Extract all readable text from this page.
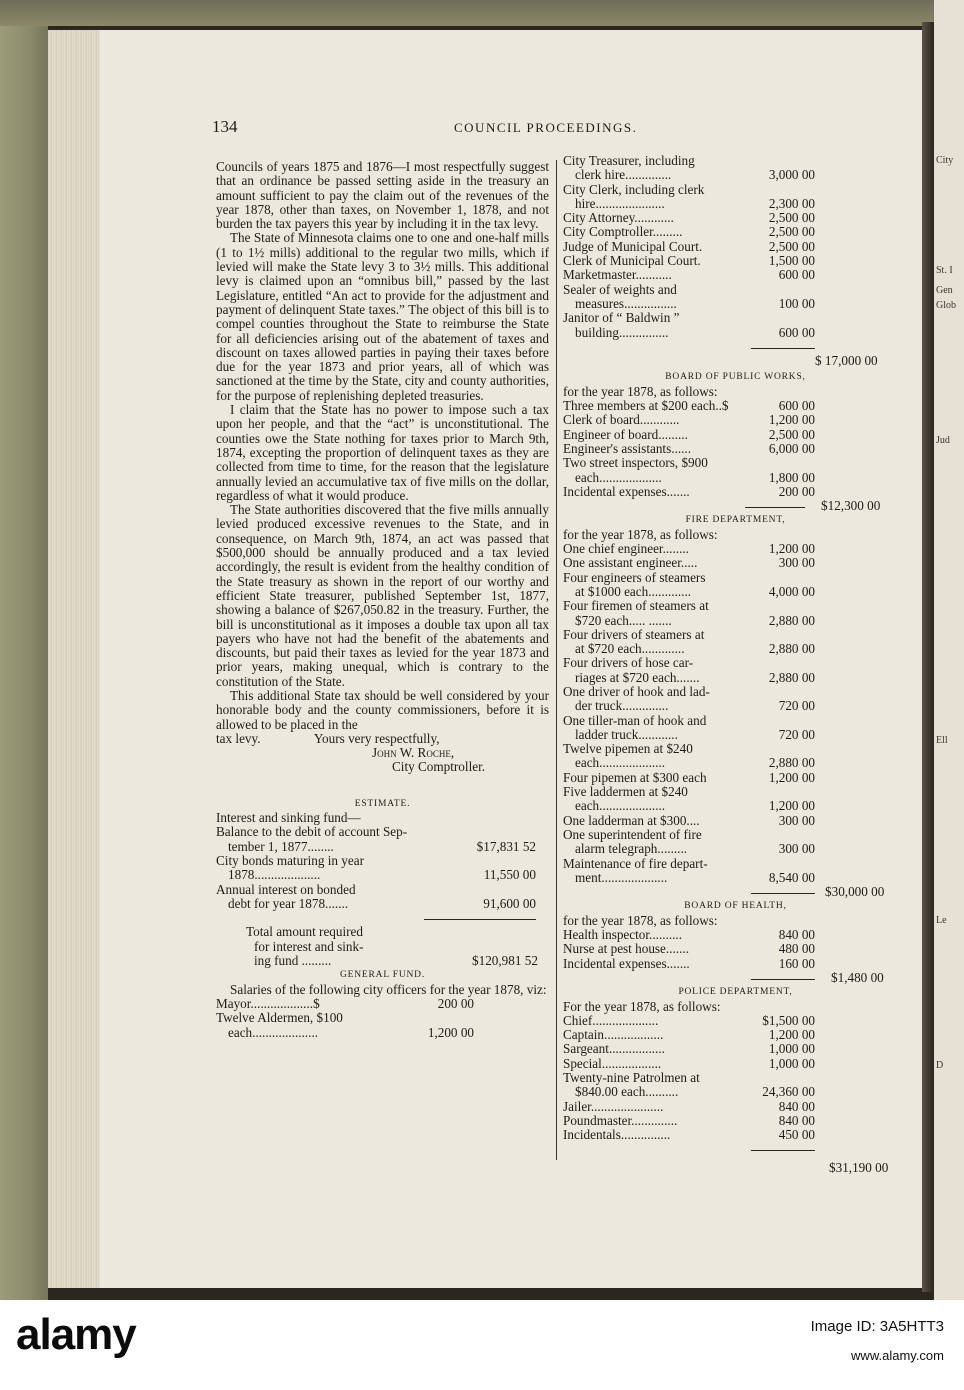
City
St. I
Gen
Glob
Jud
Ell
Le
D
134	COUNCIL PROCEEDINGS.

Councils of years 1875 and 1876—I most respectfully suggest that an ordinance be passed setting aside in the treasury an amount sufficient to pay the claim out of the revenues of the year 1878, other than taxes, on November 1, 1878, and not burden the tax payers this year by including it in the tax levy.

The State of Minnesota claims one to one and one-half mills (1 to 1½ mills) additional to the regular two mills, which if levied will make the State levy 3 to 3½ mills. This additional levy is claimed upon an “omnibus bill,” passed by the last Legislature, entitled “An act to provide for the adjustment and payment of delinquent State taxes.” The object of this bill is to compel counties throughout the State to reimburse the State for all deficiencies arising out of the abatement of taxes and discount on taxes allowed parties in paying their taxes before due for the year 1873 and prior years, all of which was sanctioned at the time by the State, city and county authorities, for the purpose of replenishing depleted treasuries.

I claim that the State has no power to impose such a tax upon her people, and that the “act” is unconstitutional. The counties owe the State nothing for taxes prior to March 9th, 1874, excepting the proportion of delinquent taxes as they are collected from time to time, for the reason that the legislature annually levied an accumulative tax of five mills on the dollar, regardless of what it would produce.

The State authorities discovered that the five mills annually levied produced excessive revenues to the State, and in consequence, on March 9th, 1874, an act was passed that $500,000 should be annually produced and a tax levied accordingly, the result is evident from the healthy condition of the State treasury as shown in the report of our worthy and efficient State treasurer, published September 1st, 1877, showing a balance of $267,050.82 in the treasury. Further, the bill is unconstitutional as it imposes a double tax upon all tax payers who have not had the benefit of the abatements and discounts, but paid their taxes as levied for the year 1873 and prior years, making unequal, which is contrary to the constitution of the State.

This additional State tax should be well considered by your honorable body and the county commissioners, before it is allowed to be placed in the

tax levy.	Yours very respectfully,

John W. Roche,

City Comptroller.

ESTIMATE.

Interest and sinking fund—
Balance to the debit of account Sep-
tember 1, 1877........	$17,831 52
City bonds maturing in year
1878....................	11,550 00
Annual interest on bonded
debt for year 1878.......	91,600 00
Total amount required
for interest and sink-
ing fund .........	$120,981 52

GENERAL FUND.

Salaries of the following city officers for the year 1878, viz:

Mayor...................$	200 00
Twelve Aldermen, $100
each....................	1,200 00
City Treasurer, including
clerk hire..............	3,000 00
City Clerk, including clerk
hire.....................	2,300 00
City Attorney............	2,500 00
City Comptroller.........	2,500 00
Judge of Municipal Court.	2,500 00
Clerk of Municipal Court.	1,500 00
Marketmaster...........	600 00
Sealer of weights and
measures................	100 00
Janitor of “ Baldwin ”
building...............	600 00
$ 17,000 00

BOARD OF PUBLIC WORKS,

for the year 1878, as follows:

Three members at $200 each..$	600 00
Clerk of board............	1,200 00
Engineer of board.........	2,500 00
Engineer's assistants......	6,000 00
Two street inspectors, $900
each...................	1,800 00
Incidental expenses.......	200 00
$12,300 00

FIRE DEPARTMENT,

for the year 1878, as follows:

One chief engineer........	1,200 00
One assistant engineer.....	300 00
Four engineers of steamers
at $1000 each.............	4,000 00
Four firemen of steamers at
$720 each..... .......	2,880 00
Four drivers of steamers at
at $720 each.............	2,880 00
Four drivers of hose car-
riages at $720 each.......	2,880 00
One driver of hook and lad-
der truck..............	720 00
One tiller-man of hook and
ladder truck............	720 00
Twelve pipemen at $240
each....................	2,880 00
Four pipemen at $300 each	1,200 00
Five laddermen at $240
each....................	1,200 00
One ladderman at $300....	300 00
One superintendent of fire
alarm telegraph.........	300 00
Maintenance of fire depart-
ment....................	8,540 00
$30,000 00

BOARD OF HEALTH,

for the year 1878, as follows:

Health inspector..........	840 00
Nurse at pest house.......	480 00
Incidental expenses.......	160 00
$1,480 00

POLICE DEPARTMENT,

For the year 1878, as follows:

Chief....................	$1,500 00
Captain..................	1,200 00
Sargeant.................	1,000 00
Special..................	1,000 00
Twenty-nine Patrolmen at
$840.00 each..........	24,360 00
Jailer......................	840 00
Poundmaster..............	840 00
Incidentals...............	450 00
$31,190 00
alamy	Image ID: 3A5HTT3
www.alamy.com
